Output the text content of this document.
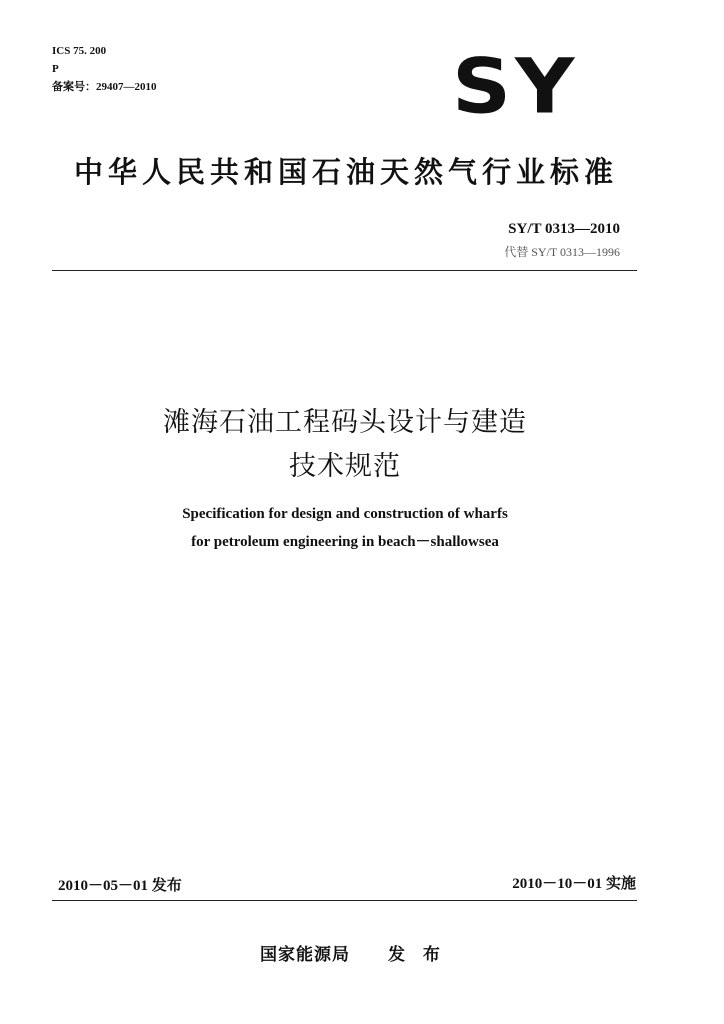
ICS 75. 200
P
备案号：29407—2010	SY
中华人民共和国石油天然气行业标准
SY/T 0313—2010
代替 SY/T 0313—1996
滩海石油工程码头设计与建造
技术规范
Specification for design and construction of wharfs
for petroleum engineering in beach－shallowsea
2010－05－01 发布	2010－10－01 实施
国家能源局 发 布
